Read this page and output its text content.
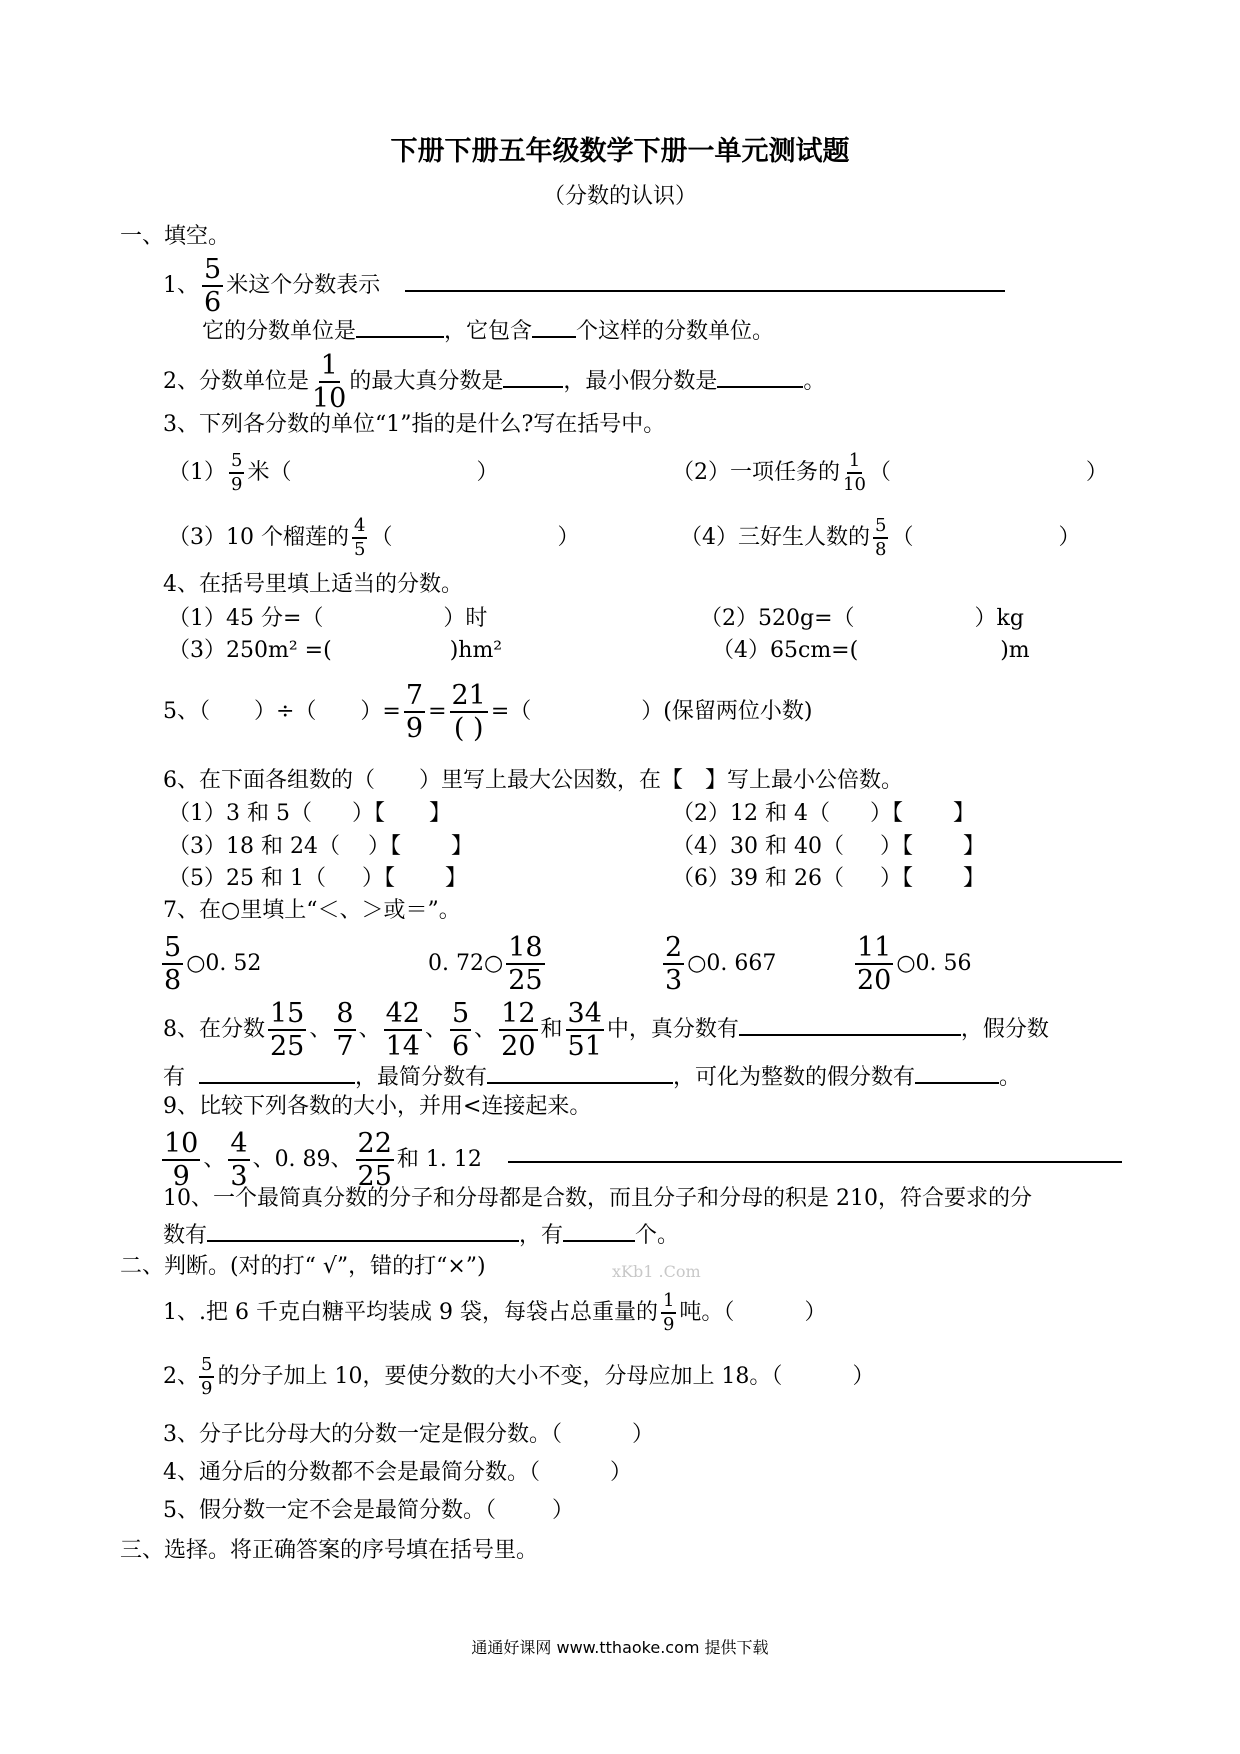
下册下册五年级数学下册一单元测试题
（分数的认识）
一、填空。
1、 $\frac{5}{6}$ 米这个分数表示
它的分数单位是	，它包含 个这样的分数单位。
2、分数单位是 $\frac{1}{10}$ 的最大真分数是	，最小假分数是	。
3、下列各分数的单位“1”指的是什么?写在括号中。
$(1) \frac{5}{9}$ 米（	）	（2）一项任务的 $\frac{1}{10}$ （	）
（3）10 个榴莲的 $\frac{4}{5}$ （	）	（4）三好生人数的 $\frac{5}{8}$ （	）
4、在括号里填上适当的分数。
（1）45 分=（	）时	（2）520g=（	）kg
（3）250m² =(	)hm²	（4）65cm=(	)m
5、（　　）÷（　　）= $\frac{7}{9} = \frac{21}{( )}$ =（	）(保留两位小数)
6、在下面各组数的（　　）里写上最大公因数，在【　】写上最小公倍数。
（1）3 和 5（ ）【 】	（2）12 和 4（ ）【 】
（3）18 和 24（ ）【 】	（4）30 和 40（ ）【 】
（5）25 和 1（ ）【 】	（6）39 和 26（ ）【 】
7、在○里填上“＜、＞或＝”。
$\frac{5}{8}$ ○0. 52	0. 72○ $\frac{18}{25}$	$\frac{2}{3}$ ○0. 667	$\frac{11}{20}$ ○0. 56
8、在分数 $\frac{15}{25}$ 、 $\frac{8}{7}$ 、 $\frac{42}{14}$ 、 $\frac{5}{6}$ 、 $\frac{12}{20}$ 和 $\frac{34}{51}$ 中，真分数有	，假分数
有	，最简分数有	，可化为整数的假分数有	。
9、比较下列各数的大小，并用<连接起来。
$\frac{10}{9}$ 、 $\frac{4}{3}$ 、0. 89、 $\frac{22}{25}$ 和 1. 12
10、一个最简真分数的分子和分母都是合数，而且分子和分母的积是 210，符合要求的分
数有	，有	个。
二、判断。(对的打“ √”，错的打“×”)	xKb1 .Com
1、.把 6 千克白糖平均装成 9 袋，每袋占总重量的 $\frac{1}{9}$ 吨。（	）
2、 $\frac{5}{9}$ 的分子加上 10，要使分数的大小不变，分母应加上 18。（	）
3、分子比分母大的分数一定是假分数。（	）
4、通分后的分数都不会是最简分数。（	）
5、假分数一定不会是最简分数。（	）
三、选择。将正确答案的序号填在括号里。
通通好课网 www.tthaoke.com 提供下载
